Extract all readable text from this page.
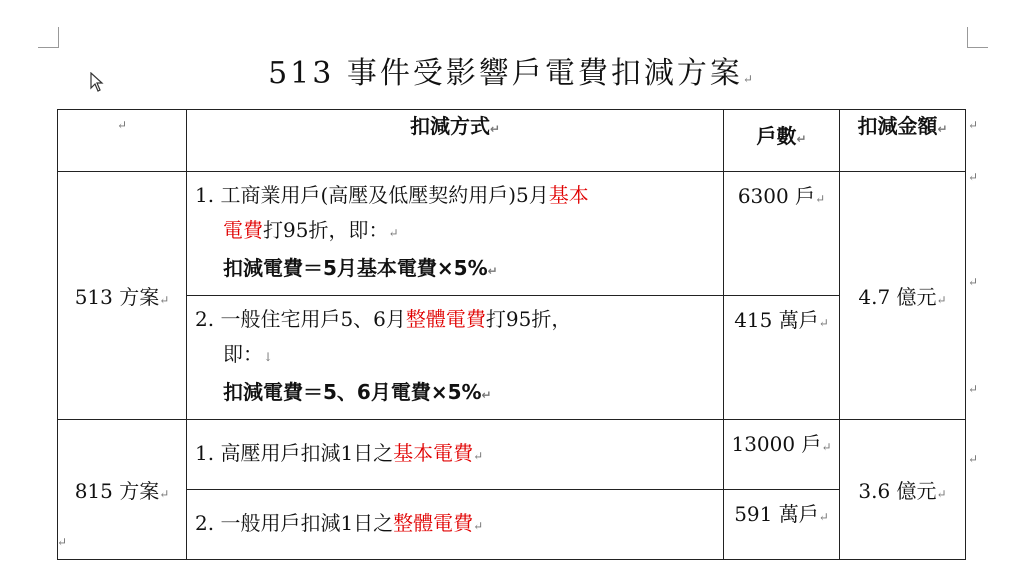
513 事件受影響戶電費扣減方案↵
↵	扣減方式↵	戶數↵	扣減金額↵
513 方案↵	1. 工商業用戶(高壓及低壓契約用戶)5月基本
電費打95折，即：↵
扣減電費＝5月基本電費×5%↵	6300 戶↵	4.7 億元↵

	2. 一般住宅用戶5、6月整體電費打95折，
即：↓
扣減電費＝5、6月電費×5%↵	415 萬戶↵	
815 方案↵	1. 高壓用戶扣減1日之基本電費↵	13000 戶↵	3.6 億元↵
	2. 一般用戶扣減1日之整體電費↵	591 萬戶↵	
↵
↵
↵
↵
↵
↵
